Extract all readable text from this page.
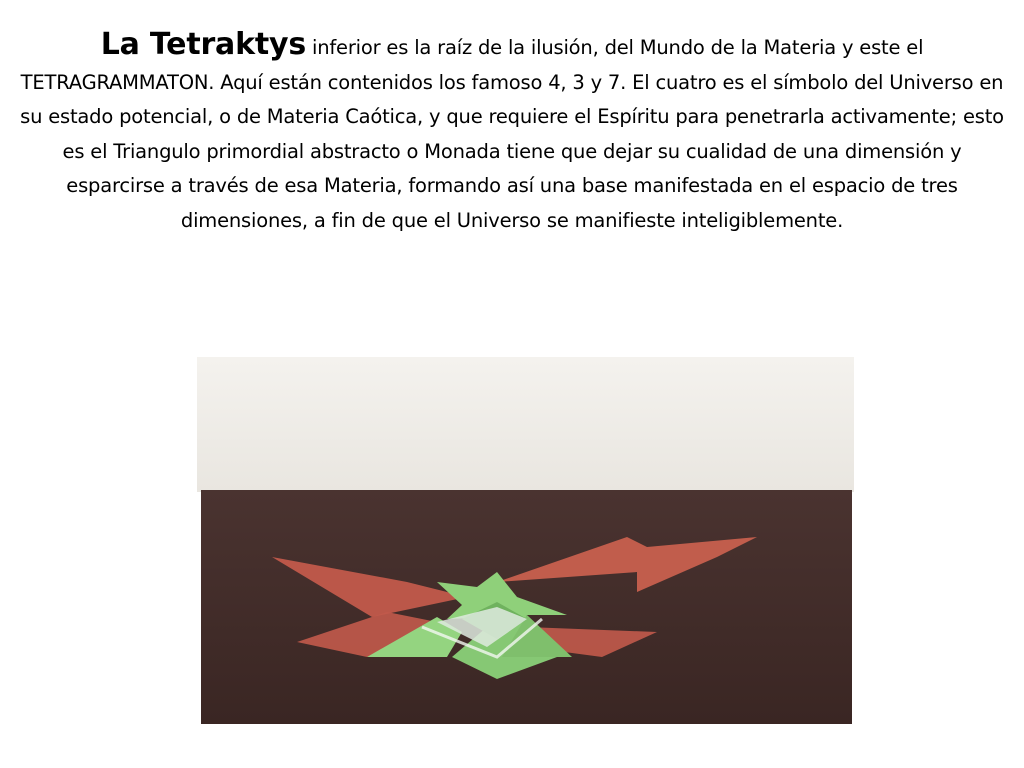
La Tetraktys inferior es la raíz de la ilusión, del Mundo de la Materia y este el TETRAGRAMMATON. Aquí están contenidos los famoso 4, 3 y 7. El cuatro es el símbolo del Universo en su estado potencial, o de Materia Caótica, y que requiere el Espíritu para penetrarla activamente; esto es el Triangulo primordial abstracto o Monada tiene que dejar su cualidad de una dimensión y esparcirse a través de esa Materia, formando así una base manifestada en el espacio de tres dimensiones, a fin de que el Universo se manifieste inteligiblemente.
